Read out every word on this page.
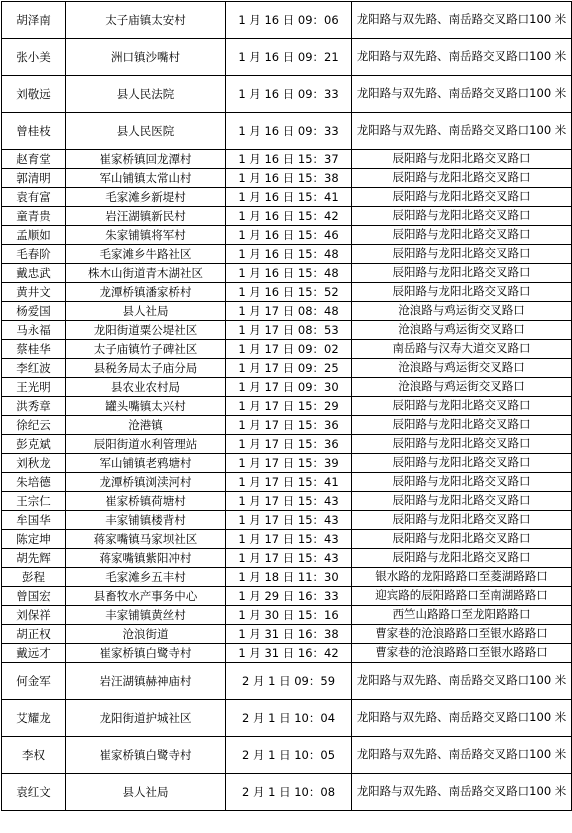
胡泽南	太子庙镇太安村	1 月 16 日 09：06	龙阳路与双先路、南岳路交叉路口100 米
张小美	洲口镇沙嘴村	1 月 16 日 09：21	龙阳路与双先路、南岳路交叉路口100 米
刘敬远	县人民法院	1 月 16 日 09：33	龙阳路与双先路、南岳路交叉路口100 米
曾桂枝	县人民医院	1 月 16 日 09：33	龙阳路与双先路、南岳路交叉路口100 米
赵育堂	崔家桥镇回龙潭村	1 月 16 日 15：37	辰阳路与龙阳北路交叉路口
郭清明	军山铺镇太常山村	1 月 16 日 15：38	辰阳路与龙阳北路交叉路口
袁有富	毛家滩乡新堤村	1 月 16 日 15：41	辰阳路与龙阳北路交叉路口
童青贵	岩汪湖镇新民村	1 月 16 日 15：42	辰阳路与龙阳北路交叉路口
孟顺如	朱家铺镇将军村	1 月 16 日 15：46	辰阳路与龙阳北路交叉路口
毛春阶	毛家滩乡牛路社区	1 月 16 日 15：48	辰阳路与龙阳北路交叉路口
戴忠武	株木山街道青木湖社区	1 月 16 日 15：48	辰阳路与龙阳北路交叉路口
黄井文	龙潭桥镇潘家桥村	1 月 16 日 15：52	辰阳路与龙阳北路交叉路口
杨爱国	县人社局	1 月 17 日 08：48	沧浪路与鸡运街交叉路口
马永福	龙阳街道粟公堤社区	1 月 17 日 08：53	沧浪路与鸡运街交叉路口
蔡桂华	太子庙镇竹子碑社区	1 月 17 日 09：02	南岳路与汉寿大道交叉路口
李红波	县税务局太子庙分局	1 月 17 日 09：25	沧浪路与鸡运街交叉路口
王光明	县农业农村局	1 月 17 日 09：30	沧浪路与鸡运街交叉路口
洪秀章	罐头嘴镇太兴村	1 月 17 日 15：29	辰阳路与龙阳北路交叉路口
徐纪云	沧港镇	1 月 17 日 15：36	辰阳路与龙阳北路交叉路口
彭克斌	辰阳街道水利管理站	1 月 17 日 15：36	辰阳路与龙阳北路交叉路口
刘秋龙	军山铺镇老鸦塘村	1 月 17 日 15：39	辰阳路与龙阳北路交叉路口
朱培德	龙潭桥镇浏渎河村	1 月 17 日 15：41	辰阳路与龙阳北路交叉路口
王宗仁	崔家桥镇荷塘村	1 月 17 日 15：43	辰阳路与龙阳北路交叉路口
牟国华	丰家铺镇楼背村	1 月 17 日 15：43	辰阳路与龙阳北路交叉路口
陈定坤	蒋家嘴镇马家坝社区	1 月 17 日 15：43	辰阳路与龙阳北路交叉路口
胡先辉	蒋家嘴镇紫阳冲村	1 月 17 日 15：43	辰阳路与龙阳北路交叉路口
彭程	毛家滩乡五丰村	1 月 18 日 11：30	银水路的龙阳路路口至菱湖路路口
曾国宏	县畜牧水产事务中心	1 月 29 日 16：33	迎宾路的辰阳路路口至南湖路路口
刘保祥	丰家铺镇黄丝村	1 月 30 日 15：16	西竺山路路口至龙阳路路口
胡正权	沧浪街道	1 月 31 日 16：38	曹家巷的沧浪路路口至银水路路口
戴远才	崔家桥镇白鹭寺村	1 月 31 日 16：42	曹家巷的沧浪路路口至银水路路口
何金军	岩汪湖镇赫神庙村	2 月 1 日 09：59	龙阳路与双先路、南岳路交叉路口100 米
艾耀龙	龙阳街道护城社区	2 月 1 日 10：04	龙阳路与双先路、南岳路交叉路口100 米
李权	崔家桥镇白鹭寺村	2 月 1 日 10：05	龙阳路与双先路、南岳路交叉路口100 米
袁红文	县人社局	2 月 1 日 10：08	龙阳路与双先路、南岳路交叉路口100 米
